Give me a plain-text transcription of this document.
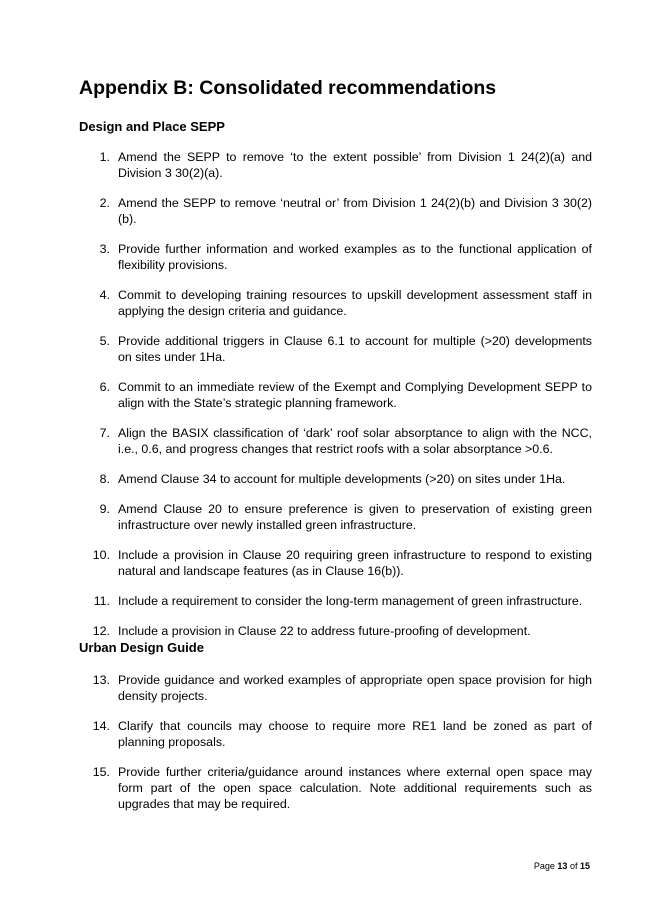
Appendix B: Consolidated recommendations
Design and Place SEPP
1. Amend the SEPP to remove ‘to the extent possible’ from Division 1 24(2)(a) and Division 3 30(2)(a).
2. Amend the SEPP to remove ‘neutral or’ from Division 1 24(2)(b) and Division 3 30(2)(b).
3. Provide further information and worked examples as to the functional application of flexibility provisions.
4. Commit to developing training resources to upskill development assessment staff in applying the design criteria and guidance.
5. Provide additional triggers in Clause 6.1 to account for multiple (>20) developments on sites under 1Ha.
6. Commit to an immediate review of the Exempt and Complying Development SEPP to align with the State’s strategic planning framework.
7. Align the BASIX classification of ‘dark’ roof solar absorptance to align with the NCC, i.e., 0.6, and progress changes that restrict roofs with a solar absorptance >0.6.
8. Amend Clause 34 to account for multiple developments (>20) on sites under 1Ha.
9. Amend Clause 20 to ensure preference is given to preservation of existing green infrastructure over newly installed green infrastructure.
10. Include a provision in Clause 20 requiring green infrastructure to respond to existing natural and landscape features (as in Clause 16(b)).
11. Include a requirement to consider the long-term management of green infrastructure.
12. Include a provision in Clause 22 to address future-proofing of development.
Urban Design Guide
13. Provide guidance and worked examples of appropriate open space provision for high density projects.
14. Clarify that councils may choose to require more RE1 land be zoned as part of planning proposals.
15. Provide further criteria/guidance around instances where external open space may form part of the open space calculation. Note additional requirements such as upgrades that may be required.
Page 13 of 15
